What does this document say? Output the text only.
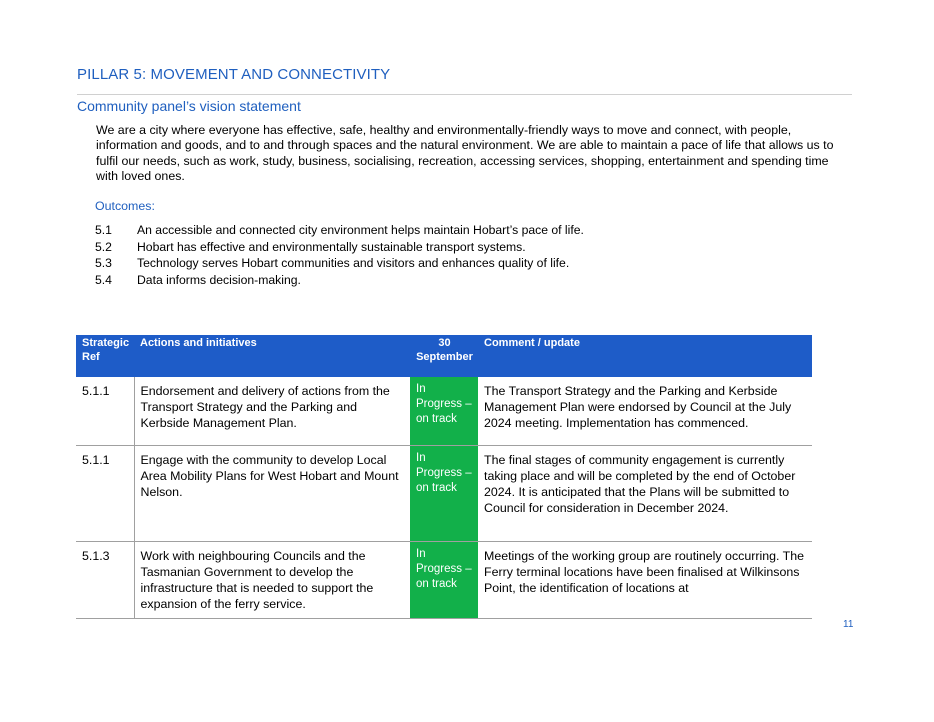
PILLAR 5: MOVEMENT AND CONNECTIVITY
Community panel’s vision statement
We are a city where everyone has effective, safe, healthy and environmentally-friendly ways to move and connect, with people, information and goods, and to and through spaces and the natural environment. We are able to maintain a pace of life that allows us to fulfil our needs, such as work, study, business, socialising, recreation, accessing services, shopping, entertainment and spending time with loved ones.
Outcomes:
5.1	An accessible and connected city environment helps maintain Hobart’s pace of life.
5.2	Hobart has effective and environmentally sustainable transport systems.
5.3	Technology serves Hobart communities and visitors and enhances quality of life.
5.4	Data informs decision-making.
Strategic Ref	Actions and initiatives	30 September	Comment / update
5.1.1	Endorsement and delivery of actions from the Transport Strategy and the Parking and Kerbside Management Plan.	In Progress – on track	The Transport Strategy and the Parking and Kerbside Management Plan were endorsed by Council at the July 2024 meeting. Implementation has commenced.
5.1.1	Engage with the community to develop Local Area Mobility Plans for West Hobart and Mount Nelson.	In Progress – on track	The final stages of community engagement is currently taking place and will be completed by the end of October 2024. It is anticipated that the Plans will be submitted to Council for consideration in December 2024.
5.1.3	Work with neighbouring Councils and the Tasmanian Government to develop the infrastructure that is needed to support the expansion of the ferry service.	In Progress – on track	Meetings of the working group are routinely occurring. The Ferry terminal locations have been finalised at Wilkinsons Point, the identification of locations at
11
